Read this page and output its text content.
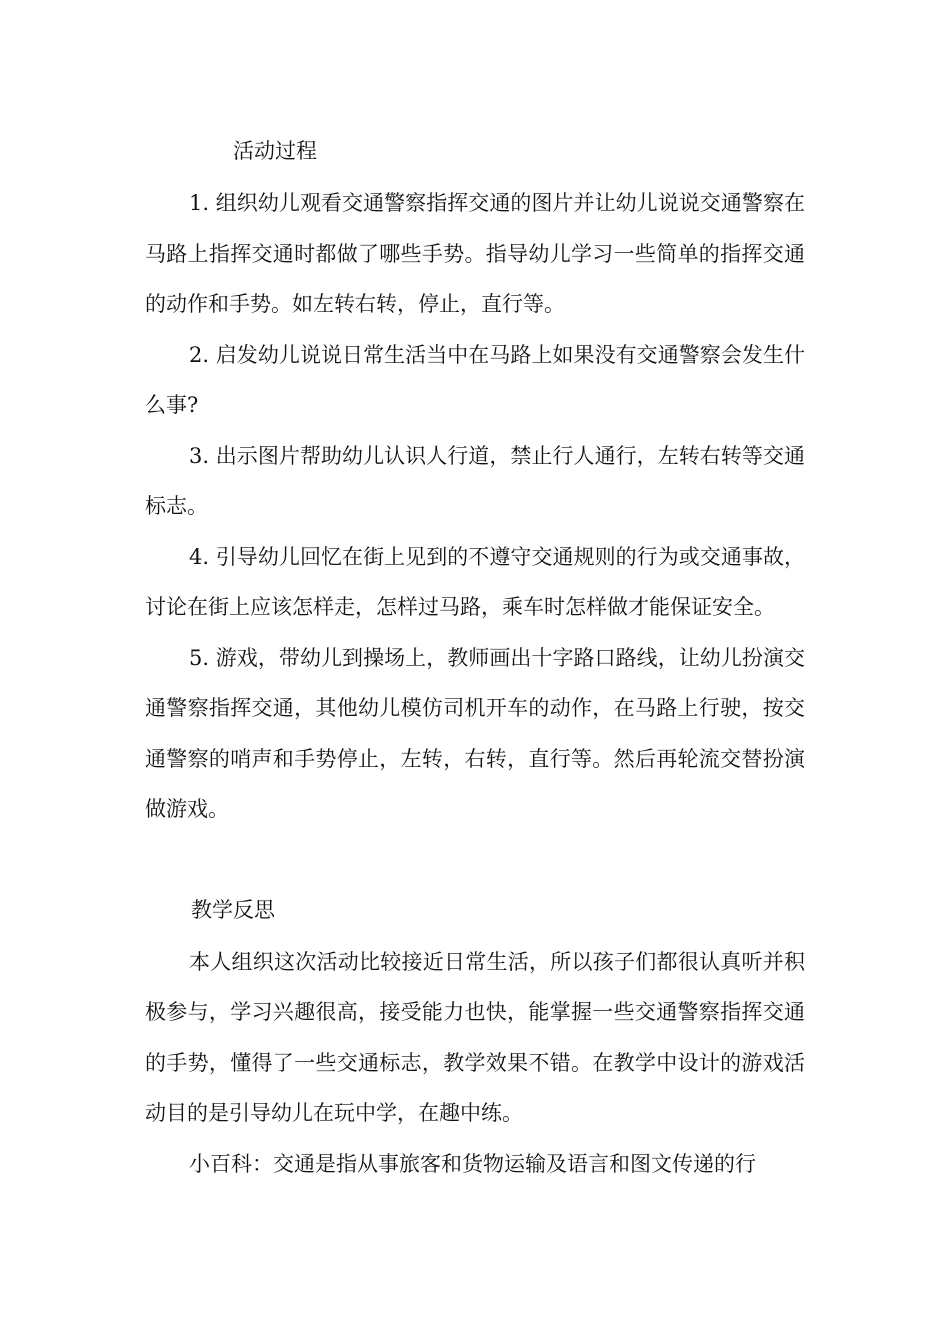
活动过程

1. 组织幼儿观看交通警察指挥交通的图片并让幼儿说说交通警察在马路上指挥交通时都做了哪些手势。指导幼儿学习一些简单的指挥交通的动作和手势。如左转右转，停止，直行等。

2. 启发幼儿说说日常生活当中在马路上如果没有交通警察会发生什么事?

3. 出示图片帮助幼儿认识人行道，禁止行人通行，左转右转等交通标志。

4. 引导幼儿回忆在街上见到的不遵守交通规则的行为或交通事故，讨论在街上应该怎样走，怎样过马路，乘车时怎样做才能保证安全。

5. 游戏，带幼儿到操场上，教师画出十字路口路线，让幼儿扮演交通警察指挥交通，其他幼儿模仿司机开车的动作，在马路上行驶，按交通警察的哨声和手势停止，左转，右转，直行等。然后再轮流交替扮演做游戏。

教学反思

本人组织这次活动比较接近日常生活，所以孩子们都很认真听并积极参与，学习兴趣很高，接受能力也快，能掌握一些交通警察指挥交通的手势，懂得了一些交通标志，教学效果不错。在教学中设计的游戏活动目的是引导幼儿在玩中学，在趣中练。

小百科：交通是指从事旅客和货物运输及语言和图文传递的行
